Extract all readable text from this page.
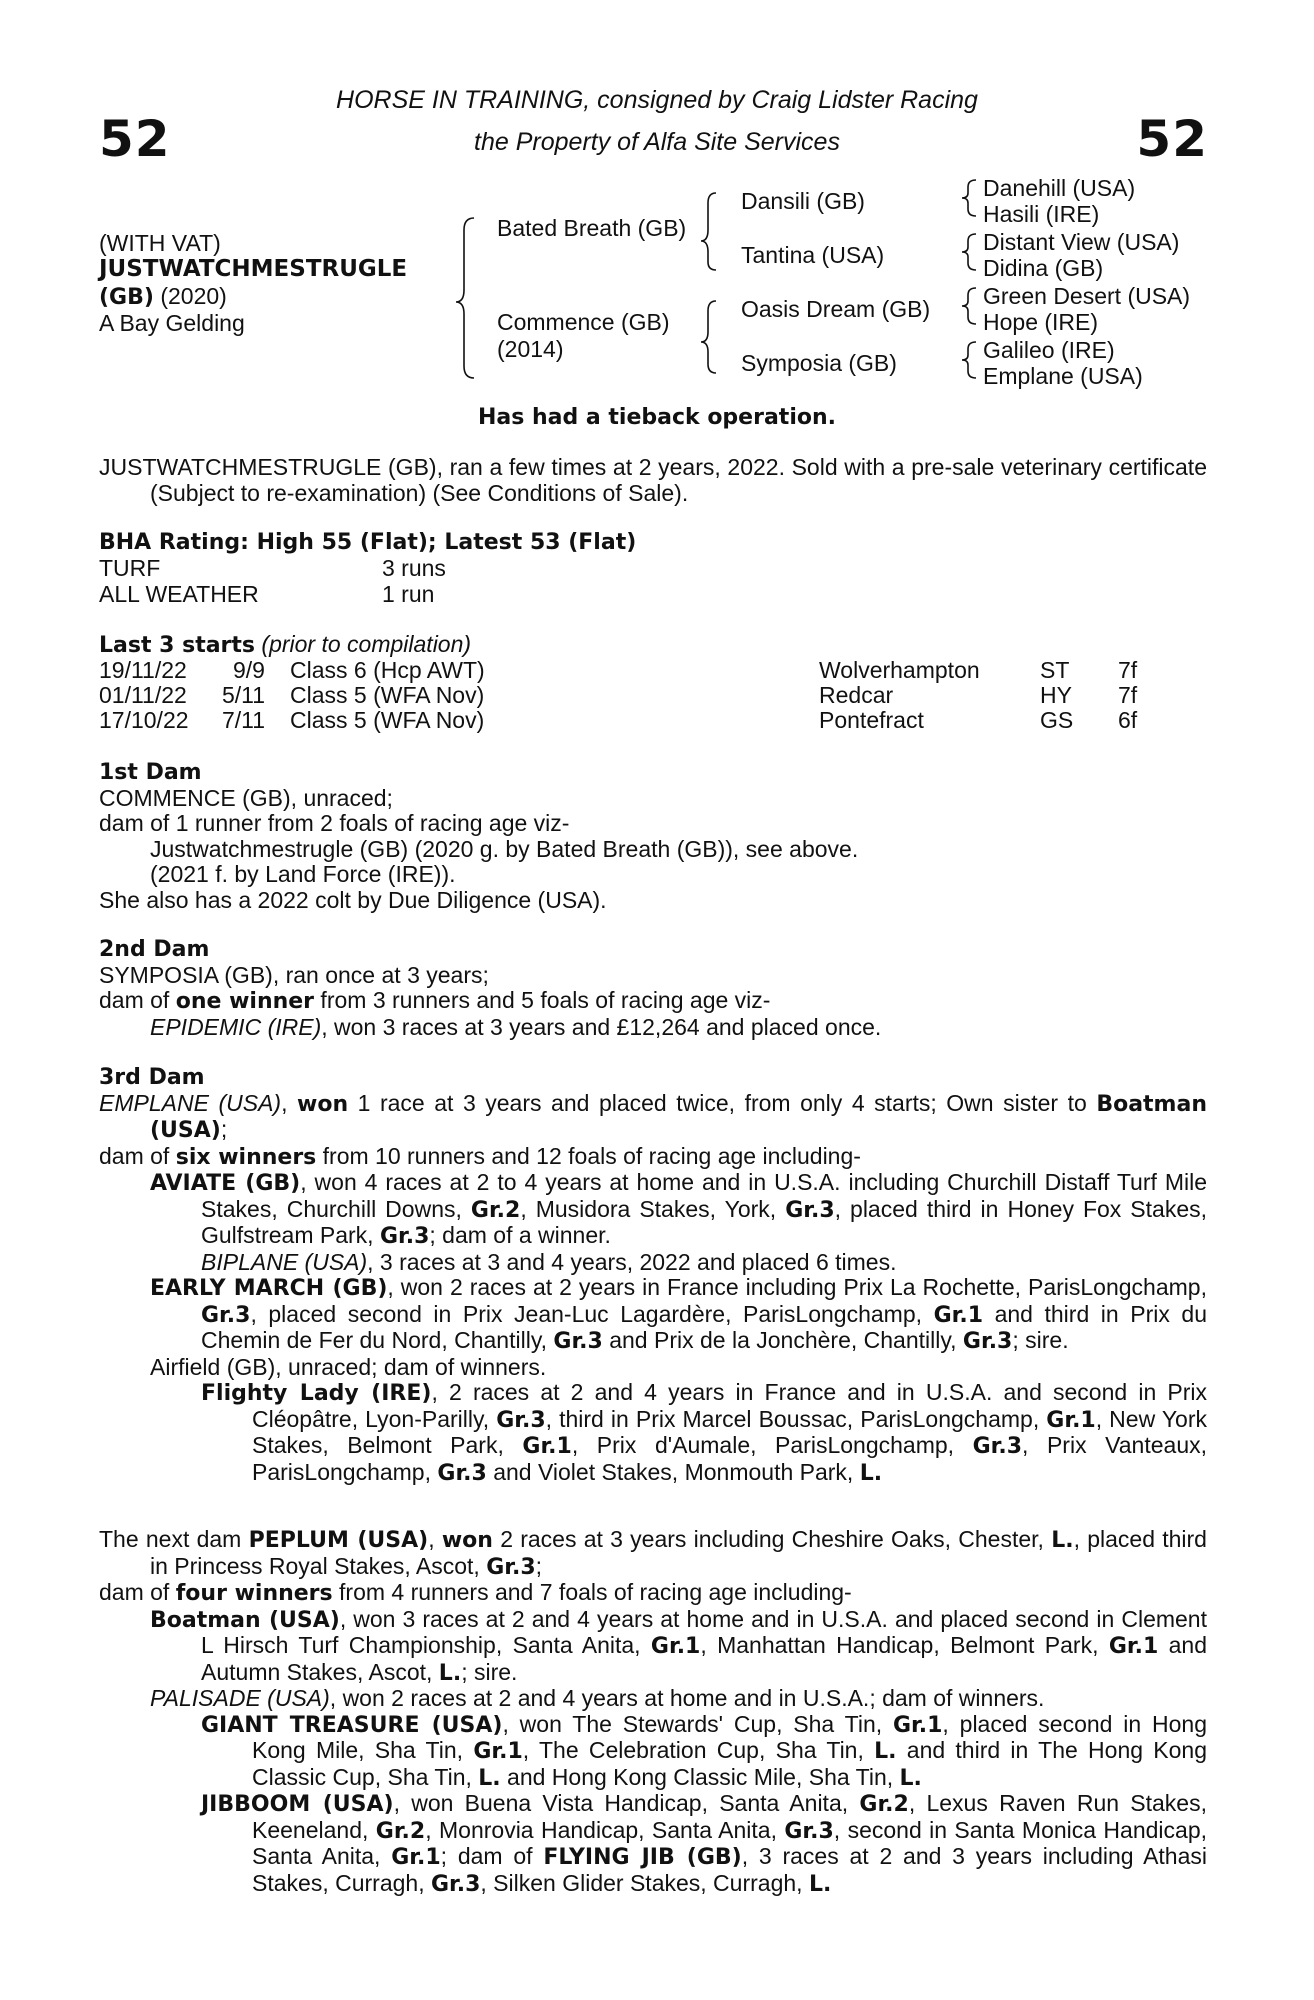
52	52
HORSE IN TRAINING, consigned by Craig Lidster Racing
the Property of Alfa Site Services
(WITH VAT)
JUSTWATCHMESTRUGLE
(GB) (2020)
A Bay Gelding
Bated Breath (GB)
Commence (GB)
(2014)
Dansili (GB)
Tantina (USA)
Oasis Dream (GB)
Symposia (GB)
Danehill (USA)
Hasili (IRE)
Distant View (USA)
Didina (GB)
Green Desert (USA)
Hope (IRE)
Galileo (IRE)
Emplane (USA)
Has had a tieback operation.

JUSTWATCHMESTRUGLE (GB), ran a few times at 2 years, 2022. Sold with a pre-sale veterinary certificate (Subject to re-examination) (See Conditions of Sale).

BHA Rating: High 55 (Flat); Latest 53 (Flat)
TURF	3 runs
ALL WEATHER	1 run
Last 3 starts (prior to compilation)
19/11/22 9/9 Class 6 (Hcp AWT)	Wolverhampton	ST 7f
01/11/22 5/11 Class 5 (WFA Nov)	Redcar	HY 7f
17/10/22 7/11 Class 5 (WFA Nov)	Pontefract	GS 6f

1st Dam

COMMENCE (GB), unraced;

dam of 1 runner from 2 foals of racing age viz-

Justwatchmestrugle (GB) (2020 g. by Bated Breath (GB)), see above.

(2021 f. by Land Force (IRE)).

She also has a 2022 colt by Due Diligence (USA).

2nd Dam

SYMPOSIA (GB), ran once at 3 years;

dam of one winner from 3 runners and 5 foals of racing age viz-

EPIDEMIC (IRE), won 3 races at 3 years and £12,264 and placed once.

3rd Dam

EMPLANE (USA), won 1 race at 3 years and placed twice, from only 4 starts; Own sister to Boatman (USA);

dam of six winners from 10 runners and 12 foals of racing age including-

AVIATE (GB), won 4 races at 2 to 4 years at home and in U.S.A. including Churchill Distaff Turf Mile Stakes, Churchill Downs, Gr.2, Musidora Stakes, York, Gr.3, placed third in Honey Fox Stakes, Gulfstream Park, Gr.3; dam of a winner.

BIPLANE (USA), 3 races at 3 and 4 years, 2022 and placed 6 times.

EARLY MARCH (GB), won 2 races at 2 years in France including Prix La Rochette, ParisLongchamp, Gr.3, placed second in Prix Jean-Luc Lagardère, ParisLongchamp, Gr.1 and third in Prix du Chemin de Fer du Nord, Chantilly, Gr.3 and Prix de la Jonchère, Chantilly, Gr.3; sire.

Airfield (GB), unraced; dam of winners.

Flighty Lady (IRE), 2 races at 2 and 4 years in France and in U.S.A. and second in Prix Cléopâtre, Lyon-Parilly, Gr.3, third in Prix Marcel Boussac, ParisLongchamp, Gr.1, New York Stakes, Belmont Park, Gr.1, Prix d'Aumale, ParisLongchamp, Gr.3, Prix Vanteaux, ParisLongchamp, Gr.3 and Violet Stakes, Monmouth Park, L.

The next dam PEPLUM (USA), won 2 races at 3 years including Cheshire Oaks, Chester, L., placed third in Princess Royal Stakes, Ascot, Gr.3;

dam of four winners from 4 runners and 7 foals of racing age including-

Boatman (USA), won 3 races at 2 and 4 years at home and in U.S.A. and placed second in Clement L Hirsch Turf Championship, Santa Anita, Gr.1, Manhattan Handicap, Belmont Park, Gr.1 and Autumn Stakes, Ascot, L.; sire.

PALISADE (USA), won 2 races at 2 and 4 years at home and in U.S.A.; dam of winners.

GIANT TREASURE (USA), won The Stewards' Cup, Sha Tin, Gr.1, placed second in Hong Kong Mile, Sha Tin, Gr.1, The Celebration Cup, Sha Tin, L. and third in The Hong Kong Classic Cup, Sha Tin, L. and Hong Kong Classic Mile, Sha Tin, L.

JIBBOOM (USA), won Buena Vista Handicap, Santa Anita, Gr.2, Lexus Raven Run Stakes, Keeneland, Gr.2, Monrovia Handicap, Santa Anita, Gr.3, second in Santa Monica Handicap, Santa Anita, Gr.1; dam of FLYING JIB (GB), 3 races at 2 and 3 years including Athasi Stakes, Curragh, Gr.3, Silken Glider Stakes, Curragh, L.
